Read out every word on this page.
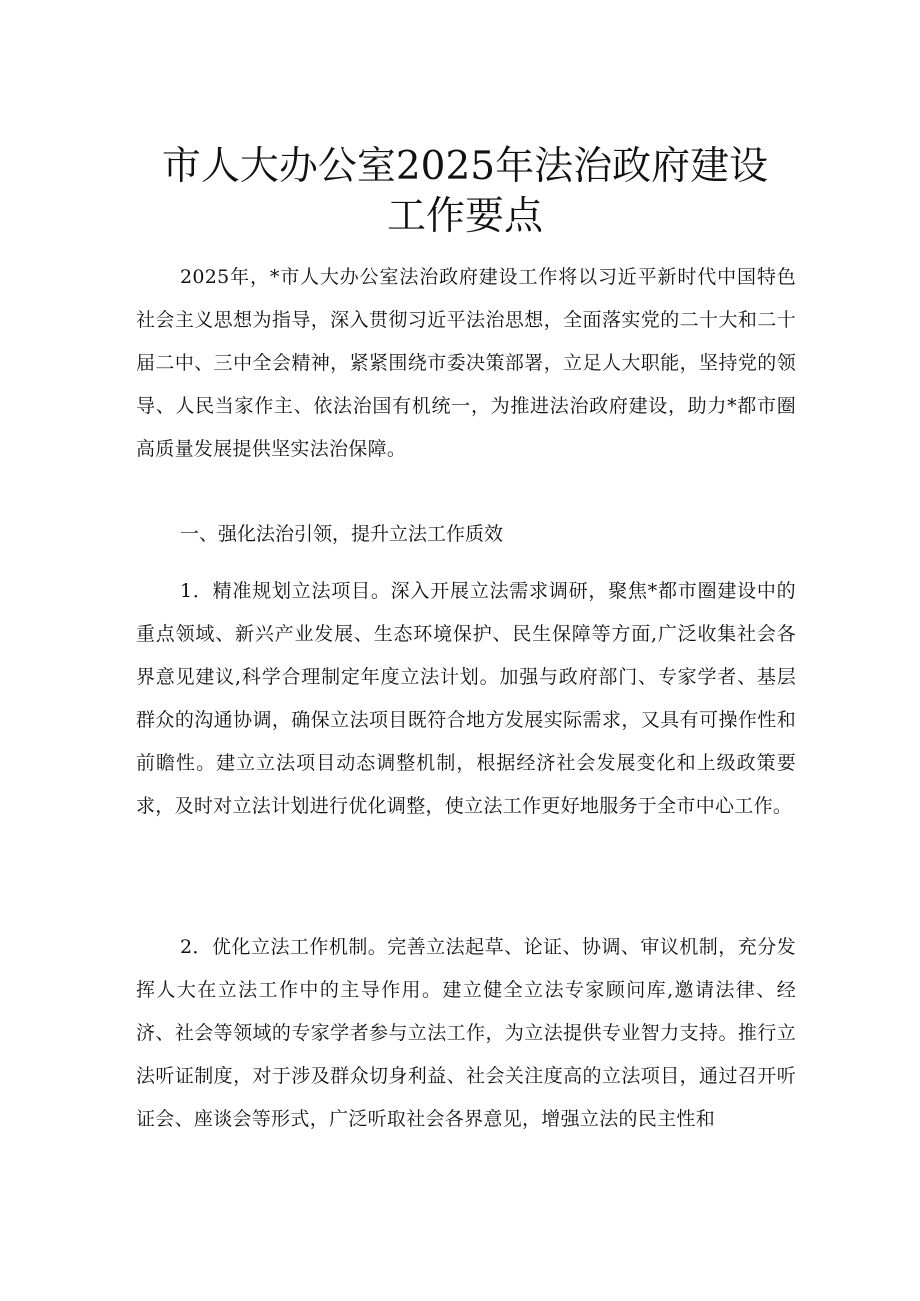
市人大办公室2025年法治政府建设工作要点

2025年，*市人大办公室法治政府建设工作将以习近平新时代中国特色社会主义思想为指导，深入贯彻习近平法治思想，全面落实党的二十大和二十届二中、三中全会精神，紧紧围绕市委决策部署，立足人大职能，坚持党的领导、人民当家作主、依法治国有机统一，为推进法治政府建设，助力*都市圈高质量发展提供坚实法治保障。

一、强化法治引领，提升立法工作质效

1．精准规划立法项目。深入开展立法需求调研，聚焦*都市圈建设中的重点领域、新兴产业发展、生态环境保护、民生保障等方面,广泛收集社会各界意见建议,科学合理制定年度立法计划。加强与政府部门、专家学者、基层群众的沟通协调，确保立法项目既符合地方发展实际需求，又具有可操作性和前瞻性。建立立法项目动态调整机制，根据经济社会发展变化和上级政策要求，及时对立法计划进行优化调整，使立法工作更好地服务于全市中心工作。

2．优化立法工作机制。完善立法起草、论证、协调、审议机制，充分发挥人大在立法工作中的主导作用。建立健全立法专家顾问库,邀请法律、经济、社会等领域的专家学者参与立法工作，为立法提供专业智力支持。推行立法听证制度，对于涉及群众切身利益、社会关注度高的立法项目，通过召开听证会、座谈会等形式，广泛听取社会各界意见，增强立法的民主性和
